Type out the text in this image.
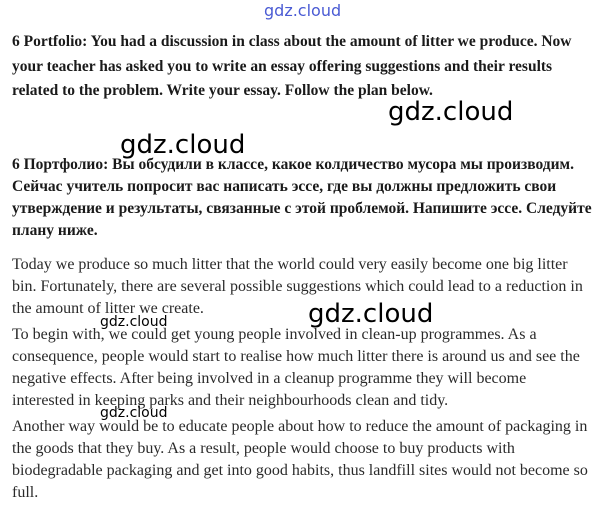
gdz.cloud

6 Portfolio: You had a discussion in class about the amount of litter we produce. Now your teacher has asked you to write an essay offering suggestions and their results related to the problem. Write your essay. Follow the plan below.

6 Портфолио: Вы обсудили в классе, какое колдичество мусора мы производим. Сейчас учитель попросит вас написать эссе, где вы должны предложить свои утверждение и результаты, связанные с этой проблемой. Напишите эссе. Следуйте плану ниже.

Today we produce so much litter that the world could very easily become one big litter bin. Fortunately, there are several possible suggestions which could lead to a reduction in the amount of litter we create.

To begin with, we could get young people involved in clean-up programmes. As a consequence, people would start to realise how much litter there is around us and see the negative effects. After being involved in a cleanup programme they will become interested in keeping parks and their neighbourhoods clean and tidy.

Another way would be to educate people about how to reduce the amount of packaging in the goods that they buy. As a result, people would choose to buy products with biodegradable packaging and get into good habits, thus landfill sites would not become so full.

gdz.cloud
gdz.cloud
gdz.cloud
gdz.cloud
gdz.cloud
